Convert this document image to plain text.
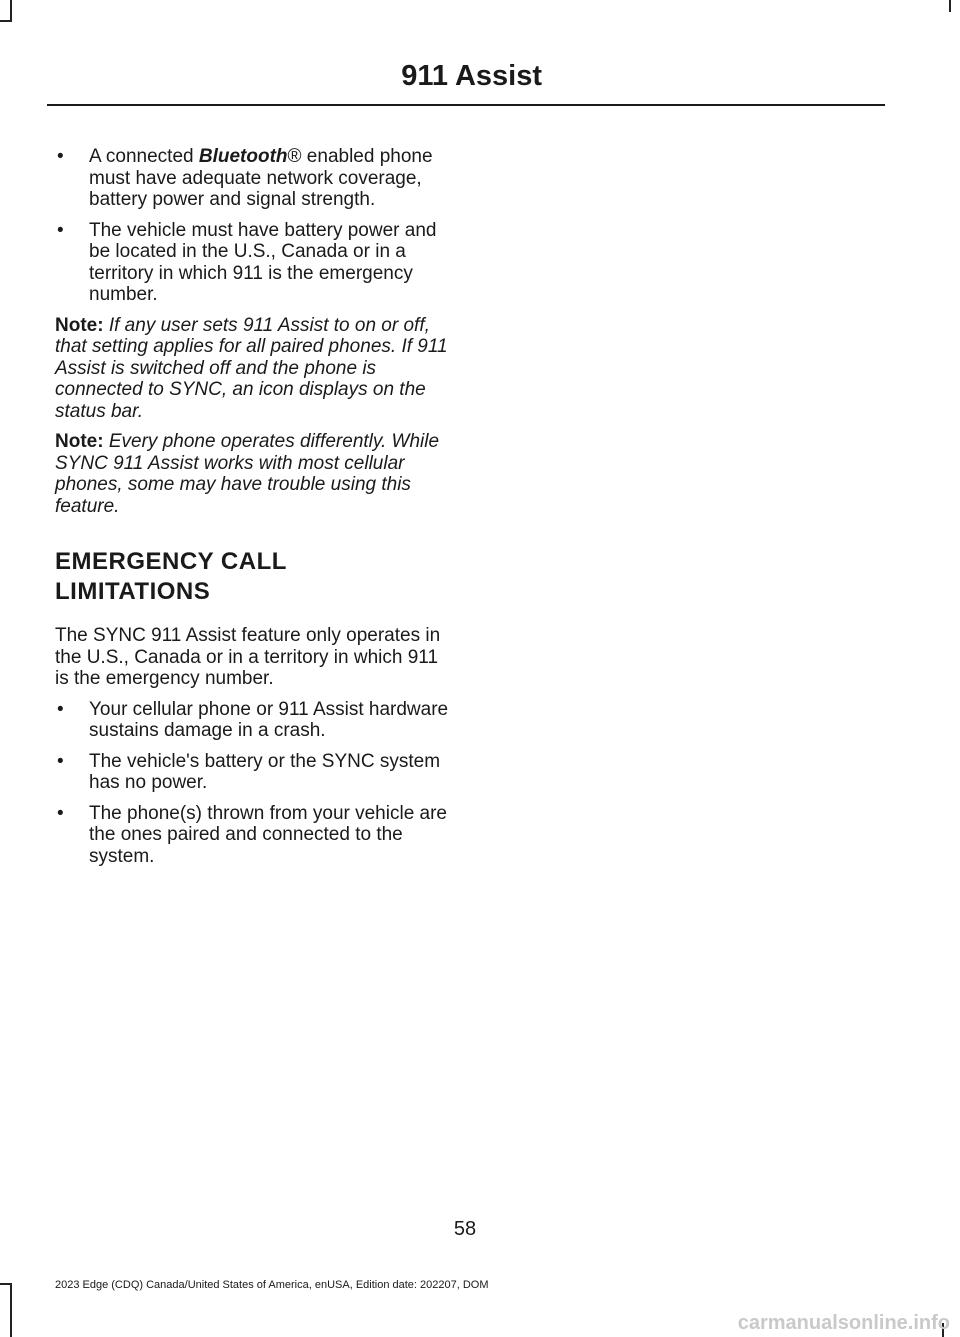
911 Assist

• A connected Bluetooth® enabled phone must have adequate network coverage, battery power and signal strength.

• The vehicle must have battery power and be located in the U.S., Canada or in a territory in which 911 is the emergency number.

Note: If any user sets 911 Assist to on or off, that setting applies for all paired phones. If 911 Assist is switched off and the phone is connected to SYNC, an icon displays on the status bar.

Note: Every phone operates differently. While SYNC 911 Assist works with most cellular phones, some may have trouble using this feature.

EMERGENCY CALL
LIMITATIONS

The SYNC 911 Assist feature only operates in the U.S., Canada or in a territory in which 911 is the emergency number.

• Your cellular phone or 911 Assist hardware sustains damage in a crash.

• The vehicle's battery or the SYNC system has no power.

• The phone(s) thrown from your vehicle are the ones paired and connected to the system.

58
2023 Edge (CDQ) Canada/United States of America, enUSA, Edition date: 202207, DOM
carmanualsonline.info
